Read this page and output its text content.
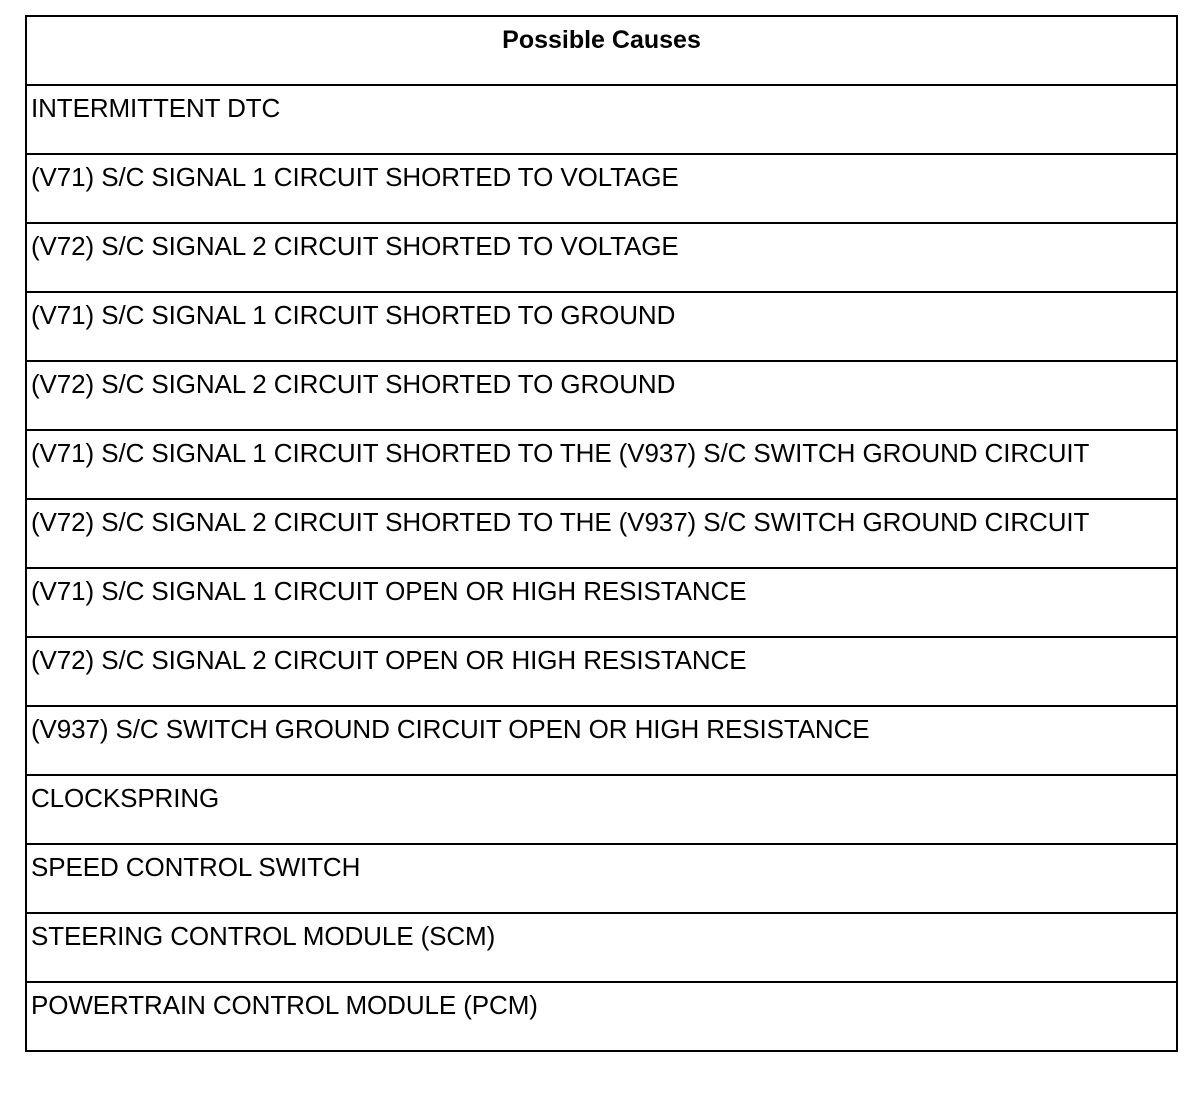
Possible Causes

INTERMITTENT DTC

(V71) S/C SIGNAL 1 CIRCUIT SHORTED TO VOLTAGE

(V72) S/C SIGNAL 2 CIRCUIT SHORTED TO VOLTAGE

(V71) S/C SIGNAL 1 CIRCUIT SHORTED TO GROUND

(V72) S/C SIGNAL 2 CIRCUIT SHORTED TO GROUND

(V71) S/C SIGNAL 1 CIRCUIT SHORTED TO THE (V937) S/C SWITCH GROUND CIRCUIT

(V72) S/C SIGNAL 2 CIRCUIT SHORTED TO THE (V937) S/C SWITCH GROUND CIRCUIT

(V71) S/C SIGNAL 1 CIRCUIT OPEN OR HIGH RESISTANCE

(V72) S/C SIGNAL 2 CIRCUIT OPEN OR HIGH RESISTANCE

(V937) S/C SWITCH GROUND CIRCUIT OPEN OR HIGH RESISTANCE

CLOCKSPRING

SPEED CONTROL SWITCH

STEERING CONTROL MODULE (SCM)

POWERTRAIN CONTROL MODULE (PCM)
